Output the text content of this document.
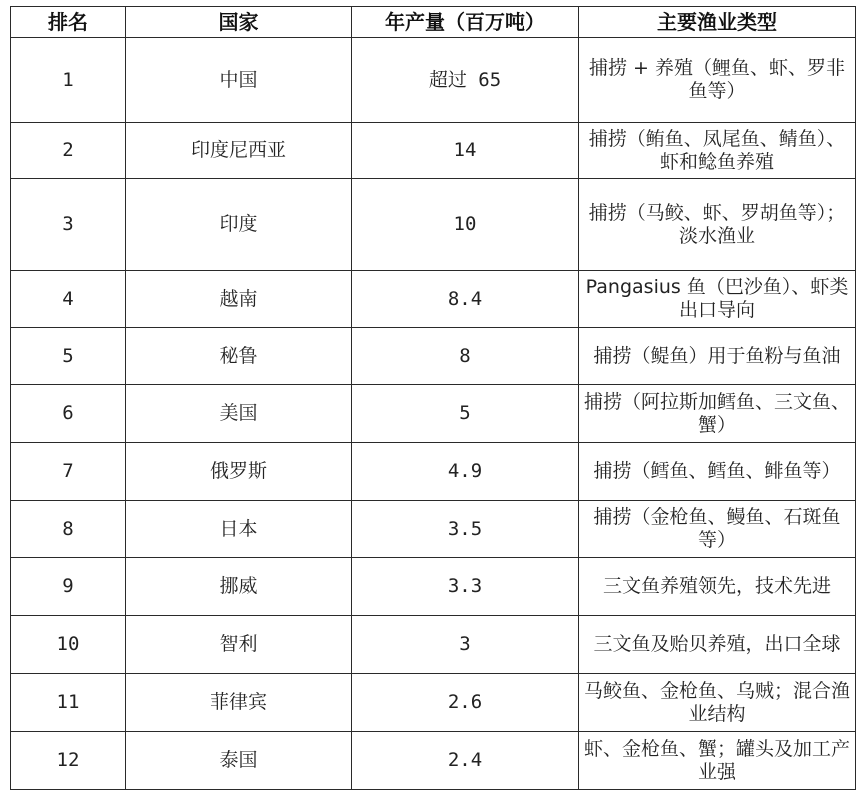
排名	国家	年产量（百万吨）	主要渔业类型
1	中国	超过 65	捕捞 + 养殖（鲤鱼、虾、罗非鱼等）
2	印度尼西亚	14	捕捞（鲔鱼、凤尾鱼、鲭鱼）、虾和鲶鱼养殖
3	印度	10	捕捞（马鲛、虾、罗胡鱼等）；淡水渔业
4	越南	8.4	Pangasius 鱼（巴沙鱼）、虾类出口导向
5	秘鲁	8	捕捞（鳀鱼）用于鱼粉与鱼油
6	美国	5	捕捞（阿拉斯加鳕鱼、三文鱼、蟹）
7	俄罗斯	4.9	捕捞（鳕鱼、鳕鱼、鲱鱼等）
8	日本	3.5	捕捞（金枪鱼、鳗鱼、石斑鱼等）
9	挪威	3.3	三文鱼养殖领先，技术先进
10	智利	3	三文鱼及贻贝养殖，出口全球
11	菲律宾	2.6	马鲛鱼、金枪鱼、乌贼；混合渔业结构
12	泰国	2.4	虾、金枪鱼、蟹；罐头及加工产业强
